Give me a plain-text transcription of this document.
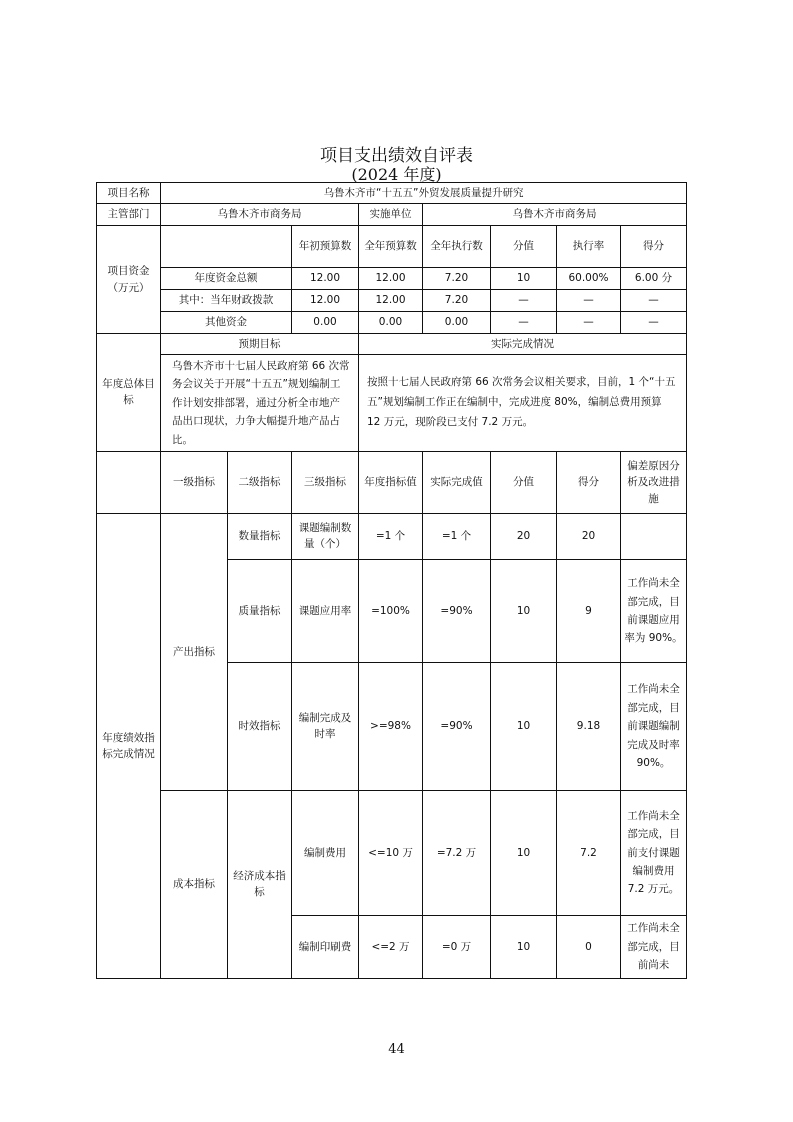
项目支出绩效自评表
(2024 年度)
项目名称	乌鲁木齐市“十五五”外贸发展质量提升研究							
主管部门	乌鲁木齐市商务局			实施单位	乌鲁木齐市商务局			
项目资金（万元）			年初预算数	全年预算数	全年执行数	分值	执行率	得分
	年度资金总额		12.00	12.00	7.20	10	60.00%	6.00 分
	其中：当年财政拨款		12.00	12.00	7.20	—	—	—
	其他资金		0.00	0.00	0.00	—	—	—
年度总体目标	预期目标			实际完成情况				
	乌鲁木齐市十七届人民政府第 66 次常务会议关于开展“十五五”规划编制工作计划安排部署，通过分析全市地产品出口现状，力争大幅提升地产品占比。			按照十七届人民政府第 66 次常务会议相关要求，目前，1 个“十五五”规划编制工作正在编制中，完成进度 80%，编制总费用预算 12 万元，现阶段已支付 7.2 万元。				
	一级指标	二级指标	三级指标	年度指标值	实际完成值	分值	得分	偏差原因分析及改进措施
年度绩效指标完成情况	产出指标	数量指标	课题编制数量（个）	=1 个	=1 个	20	20	
		质量指标	课题应用率	=100%	=90%	10	9	工作尚未全部完成，目前课题应用率为 90%。
		时效指标	编制完成及时率	>=98%	=90%	10	9.18	工作尚未全部完成，目前课题编制完成及时率 90%。
	成本指标	经济成本指标	编制费用	<=10 万	=7.2 万	10	7.2	工作尚未全部完成，目前支付课题编制费用 7.2 万元。
			编制印刷费	<=2 万	=0 万	10	0	工作尚未全部完成，目前尚未
44
